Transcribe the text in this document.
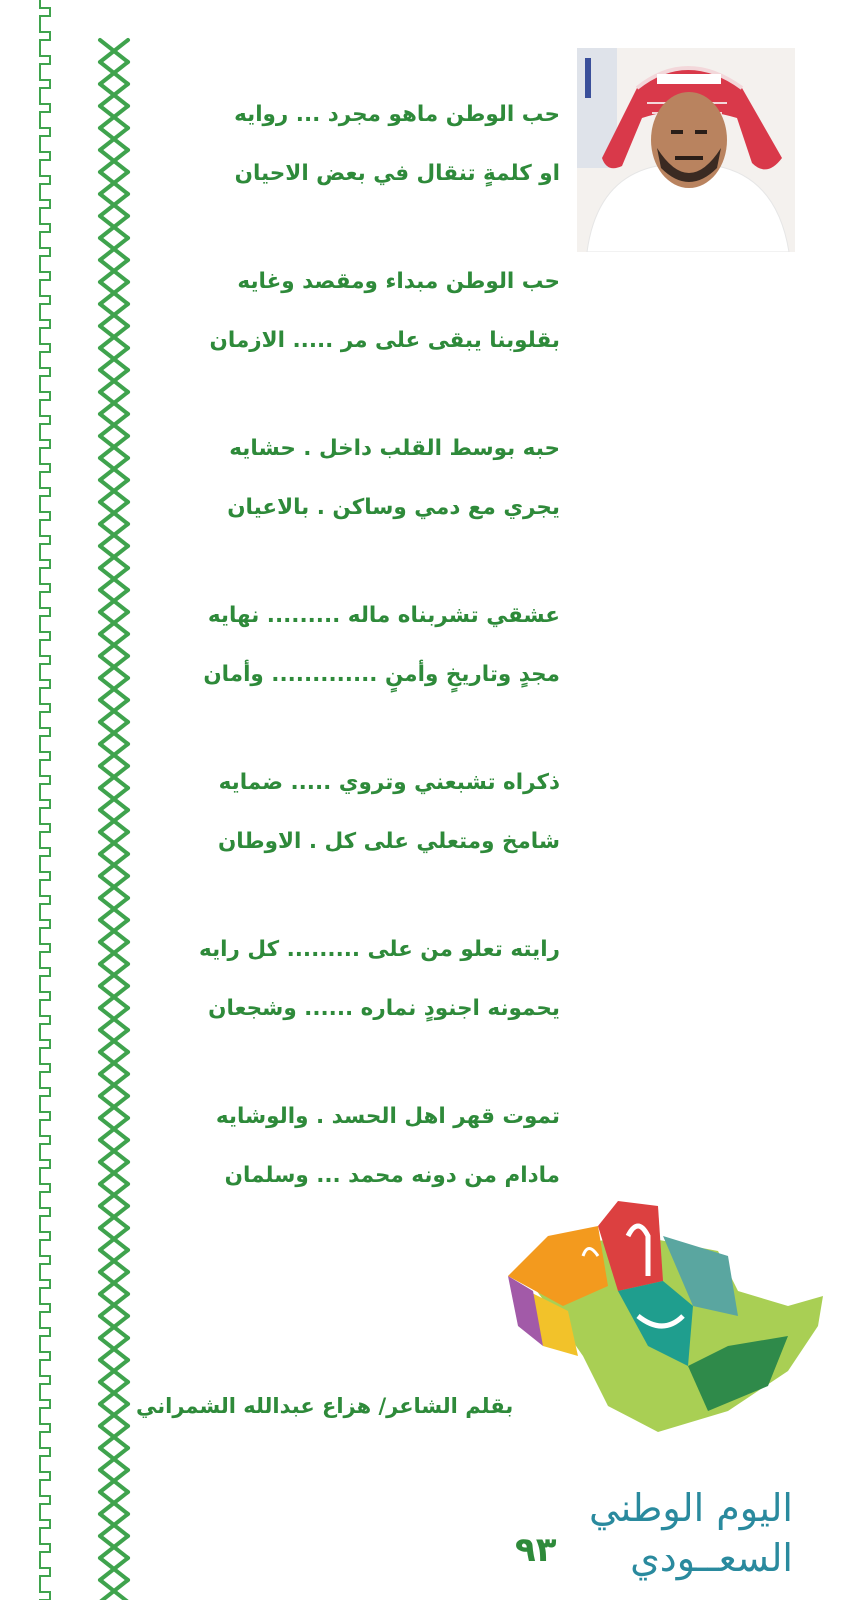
حب الوطن ماهو مجرد ... روايه
او كلمةٍ تنقال في بعض الاحيان
حب الوطن مبداء ومقصد وغايه
بقلوبنا يبقى على مر ..... الازمان
حبه بوسط القلب داخل . حشايه
يجري مع دمي وساكن . بالاعيان
عشقي تشربناه ماله ......... نهايه
مجدٍ وتاريخٍ وأمنٍ ............. وأمان
ذكراه تشبعني وتروي ..... ضمايه
شامخ ومتعلي على كل . الاوطان
رايته تعلو من على ......... كل رايه
يحمونه اجنودٍ نماره ...... وشجعان
تموت قهر اهل الحسد . والوشايه
مادام من دونه محمد ... وسلمان
بقلم الشاعر/ هزاع عبدالله الشمراني
اليوم الوطني
السعــودي
٩٣
